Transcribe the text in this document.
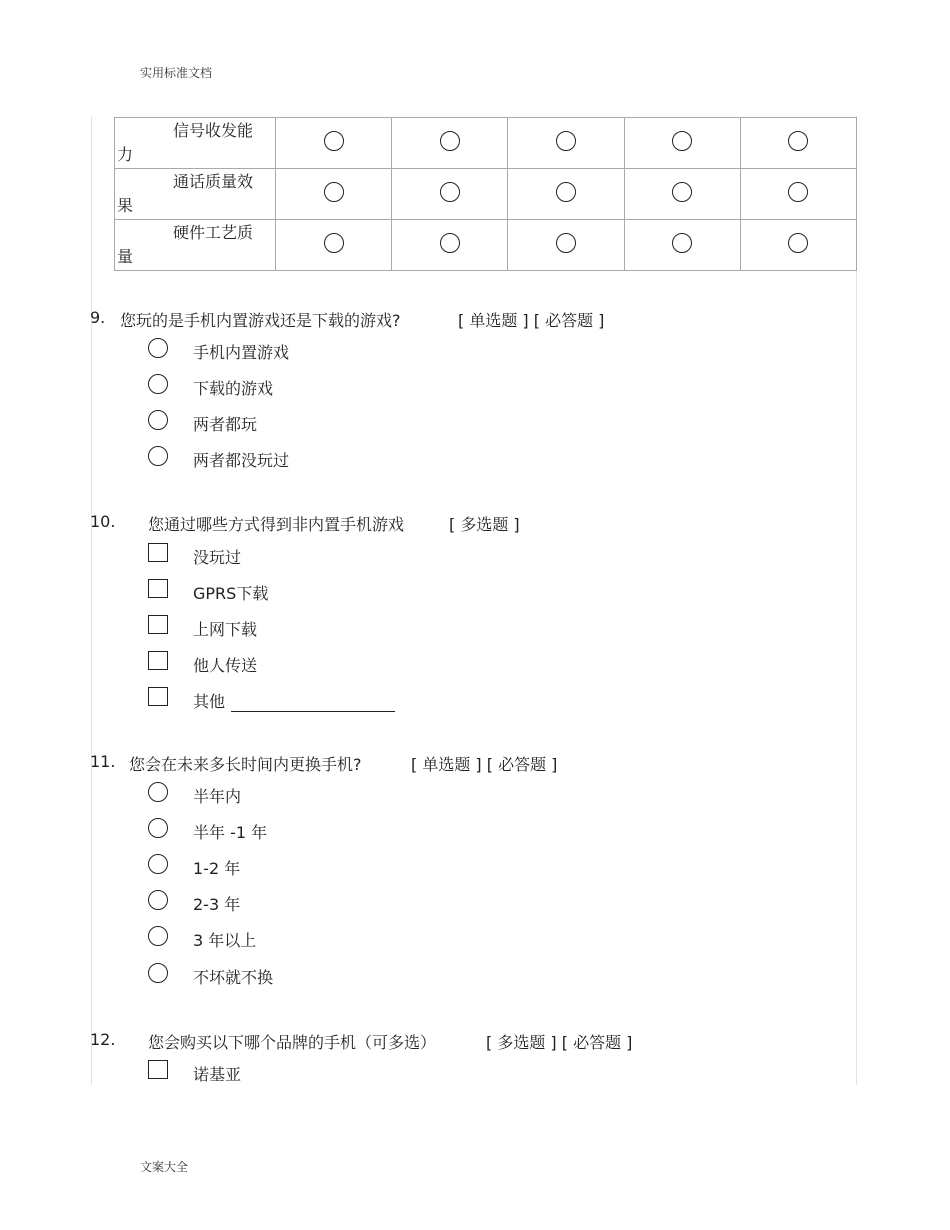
实用标准文档
信号收发能
力					

通话质量效
果					

硬件工艺质
量					

9. 您玩的是手机内置游戏还是下载的游戏?	[ 单选题 ] [ 必答题 ]
手机内置游戏
下载的游戏
两者都玩
两者都没玩过
10. 您通过哪些方式得到非内置手机游戏	[ 多选题 ]
没玩过
GPRS下载
上网下载
他人传送
其他
11. 您会在未来多长时间内更换手机?	[ 单选题 ] [ 必答题 ]
半年内
半年 -1 年
1-2 年
2-3 年
3 年以上
不坏就不换
12. 您会购买以下哪个品牌的手机（可多选）	[ 多选题 ] [ 必答题 ]
诺基亚
文案大全
